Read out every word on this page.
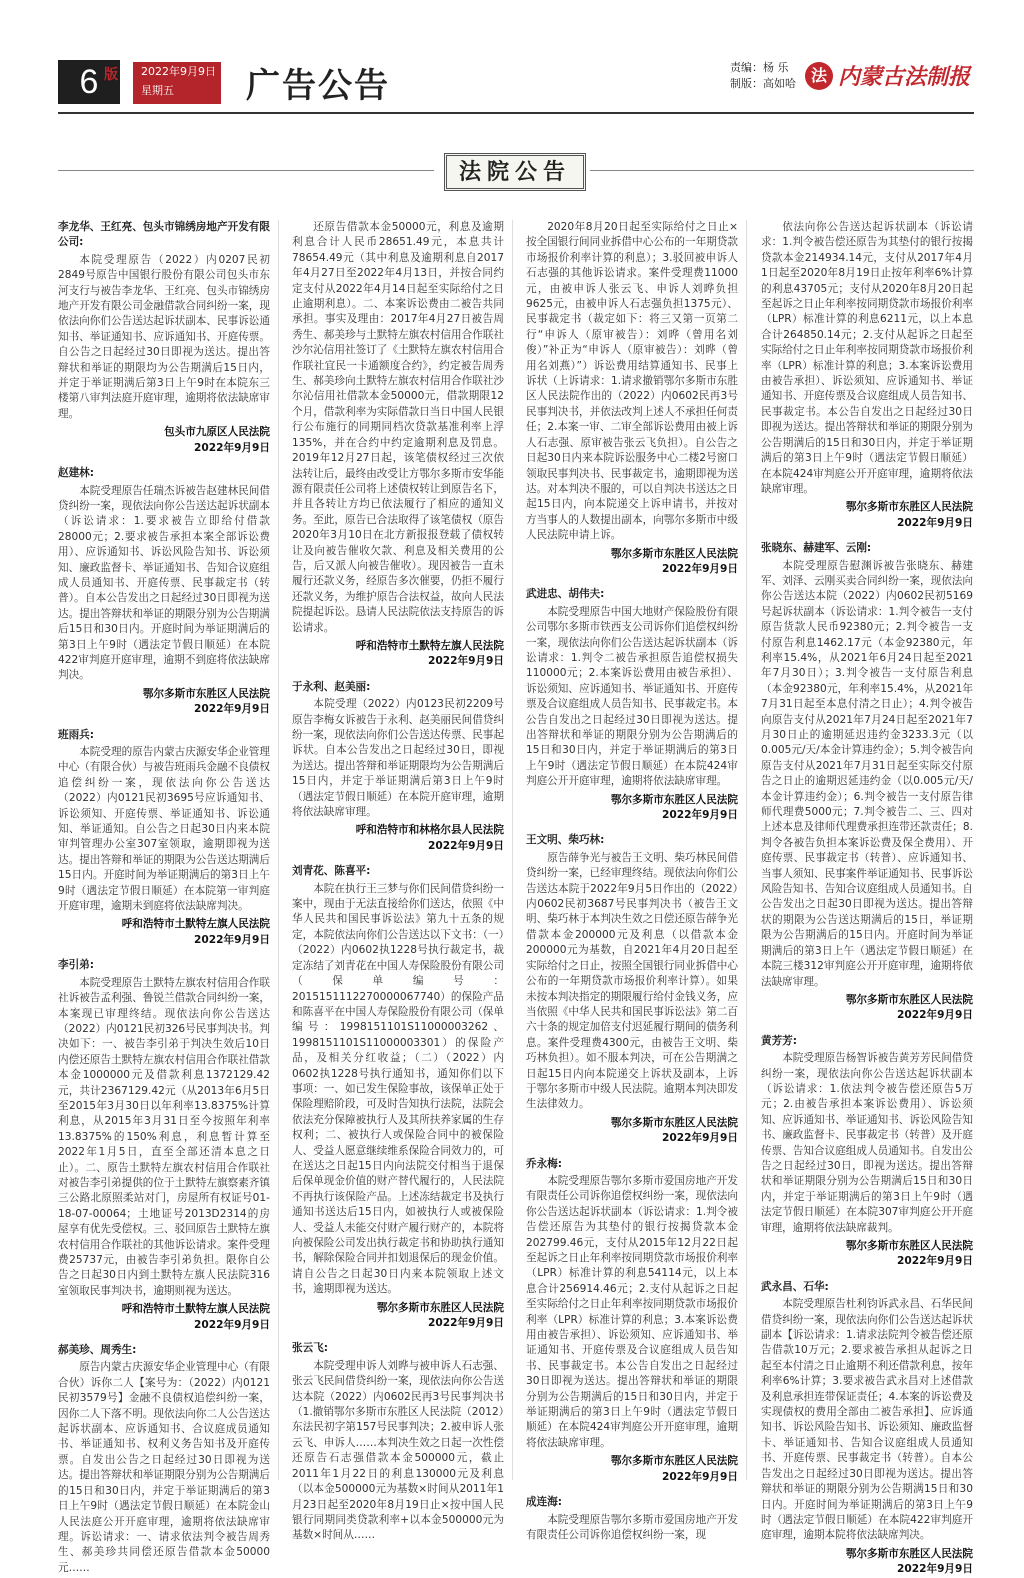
6 版	2022年9月9日
星期五	广告公告	责编：杨 乐
制版：高如哈 法 内蒙古法制报
法院公告
李龙华、王红亮、包头市锦绣房地产开发有限公司:
本院受理原告（2022）内0207民初2849号原告中国银行股份有限公司包头市东河支行与被告李龙华、王红亮、包头市锦绣房地产开发有限公司金融借款合同纠纷一案，现依法向你们公告送达起诉状副本、民事诉讼通知书、举证通知书、应诉通知书、开庭传票。自公告之日起经过30日即视为送达。提出答辩状和举证的期限均为公告期满后15日内，并定于举证期满后第3日上午9时在本院东三楼第八审判法庭开庭审理，逾期将依法缺席审理。
包头市九原区人民法院
2022年9月9日
赵建林:
本院受理原告任瑞杰诉被告赵建林民间借贷纠纷一案，现依法向你公告送达起诉状副本（诉讼请求：1.要求被告立即给付借款28000元；2.要求被告承担本案全部诉讼费用）、应诉通知书、诉讼风险告知书、诉讼须知、廉政监督卡、举证通知书、告知合议庭组成人员通知书、开庭传票、民事裁定书（转普）。自本公告发出之日起经过30日即视为送达。提出答辩状和举证的期限分别为公告期满后15日和30日内。开庭时间为举证期满后的第3日上午9时（遇法定节假日顺延）在本院422审判庭开庭审理，逾期不到庭将依法缺席判决。
鄂尔多斯市东胜区人民法院
2022年9月9日
班雨兵:
本院受理的原告内蒙古庆源安华企业管理中心（有限合伙）与被告班雨兵金融不良债权追偿纠纷一案，现依法向你公告送达（2022）内0121民初3695号应诉通知书、诉讼须知、开庭传票、举证通知书、诉讼通知、举证通知。自公告之日起30日内来本院审判管理办公室307室领取，逾期即视为送达。提出答辩和举证的期限为公告送达期满后15日内。开庭时间为举证期满后的第3日上午9时（遇法定节假日顺延）在本院第一审判庭开庭审理，逾期未到庭将依法缺席判决。
呼和浩特市土默特左旗人民法院
2022年9月9日
李引弟:
本院受理原告土默特左旗农村信用合作联社诉被告孟利强、鲁锐兰借款合同纠纷一案，本案现已审理终结。现依法向你公告送达（2022）内0121民初326号民事判决书。判决如下：一、被告李引弟于判决生效后10日内偿还原告土默特左旗农村信用合作联社借款本金1000000元及借款利息1372129.42元，共计2367129.42元（从2013年6月5日至2015年3月30日以年利率13.8375%计算利息，从2015年3月31日至今按照年利率13.8375%的150%利息，利息暂计算至2022年1月5日，直至全部还清本息之日止）。二、原告土默特左旗农村信用合作联社对被告李引弟提供的位于土默特左旗察素齐镇三公路北原照柔站对门，房屋所有权证号01-18-07-00064；土地证号2013D2314的房屋享有优先受偿权。三、驳回原告土默特左旗农村信用合作联社的其他诉讼请求。案件受理费25737元，由被告李引弟负担。限你自公告之日起30日内到土默特左旗人民法院316室领取民事判决书，逾期则视为送达。
呼和浩特市土默特左旗人民法院
2022年9月9日
郝美珍、周秀生:
原告内蒙古庆源安华企业管理中心（有限合伙）诉你二人【案号为：（2022）内0121民初3579号】金融不良债权追偿纠纷一案，因你二人下落不明。现依法向你二人公告送达起诉状副本、应诉通知书、合议庭成员通知书、举证通知书、权利义务告知书及开庭传票。自发出公告之日起经过30日即视为送达。提出答辩状和举证期限分别为公告期满后的15日和30日内，并定于举证期满后的第3日上午9时（遇法定节假日顺延）在本院金山人民法庭公开开庭审理，逾期将依法缺席审理。诉讼请求：一、请求依法判令被告周秀生、郝美珍共同偿还原告借款本金50000元……
还原告借款本金50000元，利息及逾期利息合计人民币28651.49元，本息共计78654.49元（其中利息及逾期利息自2017年4月27日至2022年4月13日，并按合同约定支付从2022年4月14日起至实际给付之日止逾期利息）。二、本案诉讼费由二被告共同承担。事实及理由：2017年4月27日被告周秀生、郝美珍与土默特左旗农村信用合作联社沙尔沁信用社签订了《土默特左旗农村信用合作联社宜民一卡通额度合约》，约定被告周秀生、郝美珍向土默特左旗农村信用合作联社沙尔沁信用社借款本金50000元，借款期限12个月，借款利率为实际借款日当日中国人民银行公布施行的同期同档次贷款基准利率上浮135%，并在合约中约定逾期利息及罚息。2019年12月27日起，该笔债权经过三次依法转让后，最终由改受让方鄂尔多斯市安华能源有限责任公司将上述债权转让到原告名下，并且各转让方均已依法履行了相应的通知义务。至此，原告已合法取得了该笔债权（原告2020年3月10日在北方新报报登载了债权转让及向被告催收欠款、利息及相关费用的公告，后又派人向被告催收）。现因被告一直未履行还款义务，经原告多次催要，仍拒不履行还款义务，为维护原告合法权益，故向人民法院提起诉讼。恳请人民法院依法支持原告的诉讼请求。
呼和浩特市土默特左旗人民法院
2022年9月9日
于永利、赵美丽:
本院受理（2022）内0123民初2209号原告李梅女诉被告于永利、赵美丽民间借贷纠纷一案，现依法向你们公告送达传票、民事起诉状。自本公告发出之日起经过30日，即视为送达。提出答辩和举证期限均为公告期满后15日内，并定于举证期满后第3日上午9时（遇法定节假日顺延）在本院开庭审理，逾期将依法缺席审理。
呼和浩特市和林格尔县人民法院
2022年9月9日
刘青花、陈喜平:
本院在执行王三梦与你们民间借贷纠纷一案中，现由于无法直接给你们送达，依照《中华人民共和国民事诉讼法》第九十五条的规定，本院依法向你们公告送达以下文书：（一）（2022）内0602执1228号执行裁定书，裁定冻结了刘青花在中国人寿保险股份有限公司（保单编号：2015151112270000067740）的保险产品和陈喜平在中国人寿保险股份有限公司（保单编号：1998151101S11000003262、1998151101S11000003301）的保险产品，及相关分红收益；（二）（2022）内0602执1228号执行通知书，通知你们以下事项：一、如已发生保险事故，该保单正处于保险理赔阶段，可及时告知执行法院，法院会依法充分保障被执行人及其所扶养家属的生存权利；二、被执行人或保险合同中的被保险人、受益人愿意继续维系保险合同效力的，可在送达之日起15日内向法院交付相当于退保后保单现金价值的财产替代履行的，人民法院不再执行该保险产品。上述冻结裁定书及执行通知书送达后15日内，如被执行人或被保险人、受益人未能交付财产履行财产的，本院将向被保险公司发出执行裁定书和协助执行通知书，解除保险合同并扣划退保后的现金价值。请自公告之日起30日内来本院领取上述文书，逾期即视为送达。
鄂尔多斯市东胜区人民法院
2022年9月9日
张云飞:
本院受理申诉人刘晔与被申诉人石志强、张云飞民间借贷纠纷一案，现依法向你公告送达本院（2022）内0602民再3号民事判决书（1.撤销鄂尔多斯市东胜区人民法院（2012）东法民初字第157号民事判决；2.被申诉人张云飞、申诉人……本判决生效之日起一次性偿还原告石志强借款本金500000元，截止2011年1月22日的利息130000元及利息（以本金500000元为基数×时间从2011年1月23日起至2020年8月19日止×按中国人民银行同期同类贷款利率+以本金500000元为基数×时间从……
2020年8月20日起至实际给付之日止×按全国银行间同业拆借中心公布的一年期贷款市场报价利率计算的利息）；3.驳回被申诉人石志强的其他诉讼请求。案件受理费11000元，由被申诉人张云飞、申诉人刘晔负担9625元，由被申诉人石志强负担1375元）、民事裁定书（裁定如下：将三又第一页第二行“申诉人（原审被告）：刘晔（曾用名刘俊）”补正为“申诉人（原审被告）：刘晔（曾用名刘燕）”）诉讼费用结算通知书、民事上诉状（上诉请求：1.请求撤销鄂尔多斯市东胜区人民法院作出的（2022）内0602民再3号民事判决书，并依法改判上述人不承担任何责任；2.本案一审、二审全部诉讼费用由被上诉人石志强、原审被告张云飞负担）。自公告之日起30日内来本院诉讼服务中心二楼2号窗口领取民事判决书、民事裁定书，逾期即视为送达。对本判决不服的，可以自判决书送达之日起15日内，向本院递交上诉申请书，并按对方当事人的人数提出副本，向鄂尔多斯市中级人民法院申请上诉。
鄂尔多斯市东胜区人民法院
2022年9月9日
武进忠、胡伟夫:
本院受理原告中国大地财产保险股份有限公司鄂尔多斯市铁西支公司诉你们追偿权纠纷一案，现依法向你们公告送达起诉状副本（诉讼请求：1.判令二被告承担原告追偿权损失110000元；2.本案诉讼费用由被告承担）、诉讼须知、应诉通知书、举证通知书、开庭传票及合议庭组成人员告知书、民事裁定书。本公告自发出之日起经过30日即视为送达。提出答辩状和举证的期限分别为公告期满后的15日和30日内，并定于举证期满后的第3日上午9时（遇法定节假日顺延）在本院424审判庭公开开庭审理，逾期将依法缺席审理。
鄂尔多斯市东胜区人民法院
2022年9月9日
王文明、柴巧林:
原告薛争光与被告王文明、柴巧林民间借贷纠纷一案，已经审理终结。现依法向你们公告送达本院于2022年9月5日作出的（2022）内0602民初3687号民事判决书（被告王文明、柴巧林于本判决生效之日偿还原告薛争光借款本金200000元及利息（以借款本金200000元为基数，自2021年4月20日起至实际给付之日止，按照全国银行同业拆借中心公布的一年期贷款市场报价利率计算）。如果未按本判决指定的期限履行给付金钱义务，应当依照《中华人民共和国民事诉讼法》第二百六十条的规定加倍支付迟延履行期间的债务利息。案件受理费4300元，由被告王文明、柴巧林负担）。如不服本判决，可在公告期满之日起15日内向本院递交上诉状及副本，上诉于鄂尔多斯市中级人民法院。逾期本判决即发生法律效力。
鄂尔多斯市东胜区人民法院
2022年9月9日
乔永梅:
本院受理原告鄂尔多斯市爱国房地产开发有限责任公司诉你追偿权纠纷一案，现依法向你公告送达起诉状副本（诉讼请求：1.判令被告偿还原告为其垫付的银行按揭贷款本金202799.46元，支付从2015年12月22日起至起诉之日止年利率按同期贷款市场报价利率（LPR）标准计算的利息54114元，以上本息合计256914.46元；2.支付从起诉之日起至实际给付之日止年利率按同期贷款市场报价利率（LPR）标准计算的利息；3.本案诉讼费用由被告承担）、诉讼须知、应诉通知书、举证通知书、开庭传票及合议庭组成人员告知书、民事裁定书。本公告自发出之日起经过30日即视为送达。提出答辩状和举证的期限分别为公告期满后的15日和30日内，并定于举证期满后的第3日上午9时（遇法定节假日顺延）在本院424审判庭公开开庭审理，逾期将依法缺席审理。
鄂尔多斯市东胜区人民法院
2022年9月9日
成连海:
本院受理原告鄂尔多斯市爱国房地产开发有限责任公司诉你追偿权纠纷一案，现
依法向你公告送达起诉状副本（诉讼请求：1.判令被告偿还原告为其垫付的银行按揭贷款本金214934.14元，支付从2017年4月1日起至2020年8月19日止按年利率6%计算的利息43705元；支付从2020年8月20日起至起诉之日止年利率按同期贷款市场报价利率（LPR）标准计算的利息6211元，以上本息合计264850.14元；2.支付从起诉之日起至实际给付之日止年利率按同期贷款市场报价利率（LPR）标准计算的利息；3.本案诉讼费用由被告承担）、诉讼须知、应诉通知书、举证通知书、开庭传票及合议庭组成人员告知书、民事裁定书。本公告自发出之日起经过30日即视为送达。提出答辩状和举证的期限分别为公告期满后的15日和30日内，并定于举证期满后的第3日上午9时（遇法定节假日顺延）在本院424审判庭公开开庭审理，逾期将依法缺席审理。
鄂尔多斯市东胜区人民法院
2022年9月9日
张晓东、赫建军、云刚:
本院受理原告慰渊诉被告张晓东、赫建军、刘泽、云刚买卖合同纠纷一案，现依法向你公告送达本院（2022）内0602民初5169号起诉状副本（诉讼请求：1.判令被告一支付原告货款人民币92380元；2.判令被告一支付原告利息1462.17元（本金92380元，年利率15.4%，从2021年6月24日起至2021年7月30日）；3.判令被告一支付原告利息（本金92380元，年利率15.4%，从2021年7月31日起至本息付清之日止）；4.判令被告向原告支付从2021年7月24日起至2021年7月30日止的逾期延迟违约金3233.3元（以0.005元/天/本金计算违约金）；5.判令被告向原告支付从2021年7月31日起至实际交付原告之日止的逾期迟延违约金（以0.005元/天/本金计算违约金）；6.判令被告一支付原告律师代理费5000元；7.判令被告二、三、四对上述本息及律师代理费承担连带还款责任；8.判令各被告负担本案诉讼费及保全费用）、开庭传票、民事裁定书（转普）、应诉通知书、当事人须知、民事案件举证通知书、民事诉讼风险告知书、告知合议庭组成人员通知书。自公告发出之日起30日即视为送达。提出答辩状的期限为公告送达期满后的15日，举证期限为公告期满后的15日内。开庭时间为举证期满后的第3日上午（遇法定节假日顺延）在本院三楼312审判庭公开开庭审理，逾期将依法缺席审理。
鄂尔多斯市东胜区人民法院
2022年9月9日
黄芳芳:
本院受理原告杨智诉被告黄芳芳民间借贷纠纷一案，现依法向你公告送达起诉状副本（诉讼请求：1.依法判令被告偿还原告5万元；2.由被告承担本案诉讼费用）、诉讼须知、应诉通知书、举证通知书、诉讼风险告知书、廉政监督卡、民事裁定书（转普）及开庭传票、告知合议庭组成人员通知书。自发出公告之日起经过30日，即视为送达。提出答辩状和举证期限分别为公告期满后15日和30日内，并定于举证期满后的第3日上午9时（遇法定节假日顺延）在本院307审判庭公开开庭审理，逾期将依法缺席裁判。
鄂尔多斯市东胜区人民法院
2022年9月9日
武永昌、石华:
本院受理原告杜利钧诉武永昌、石华民间借贷纠纷一案，现依法向你们公告送达起诉状副本【诉讼请求：1.请求法院判令被告偿还原告借款10万元；2.要求被告承担从起诉之日起至本付清之日止逾期不利还借款利息，按年利率6%计算；3.要求被告武永昌对上述借款及利息承担连带保证责任；4.本案的诉讼费及实现债权的费用全部由二被告承担】、应诉通知书、诉讼风险告知书、诉讼须知、廉政监督卡、举证通知书、告知合议庭组成人员通知书、开庭传票、民事裁定书（转普）。自本公告发出之日起经过30日即视为送达。提出答辩状和举证的期限分别为公告期满15日和30日内。开庭时间为举证期满后的第3日上午9时（遇法定节假日顺延）在本院422审判庭开庭审理，逾期本院将依法缺席判决。
鄂尔多斯市东胜区人民法院
2022年9月9日
